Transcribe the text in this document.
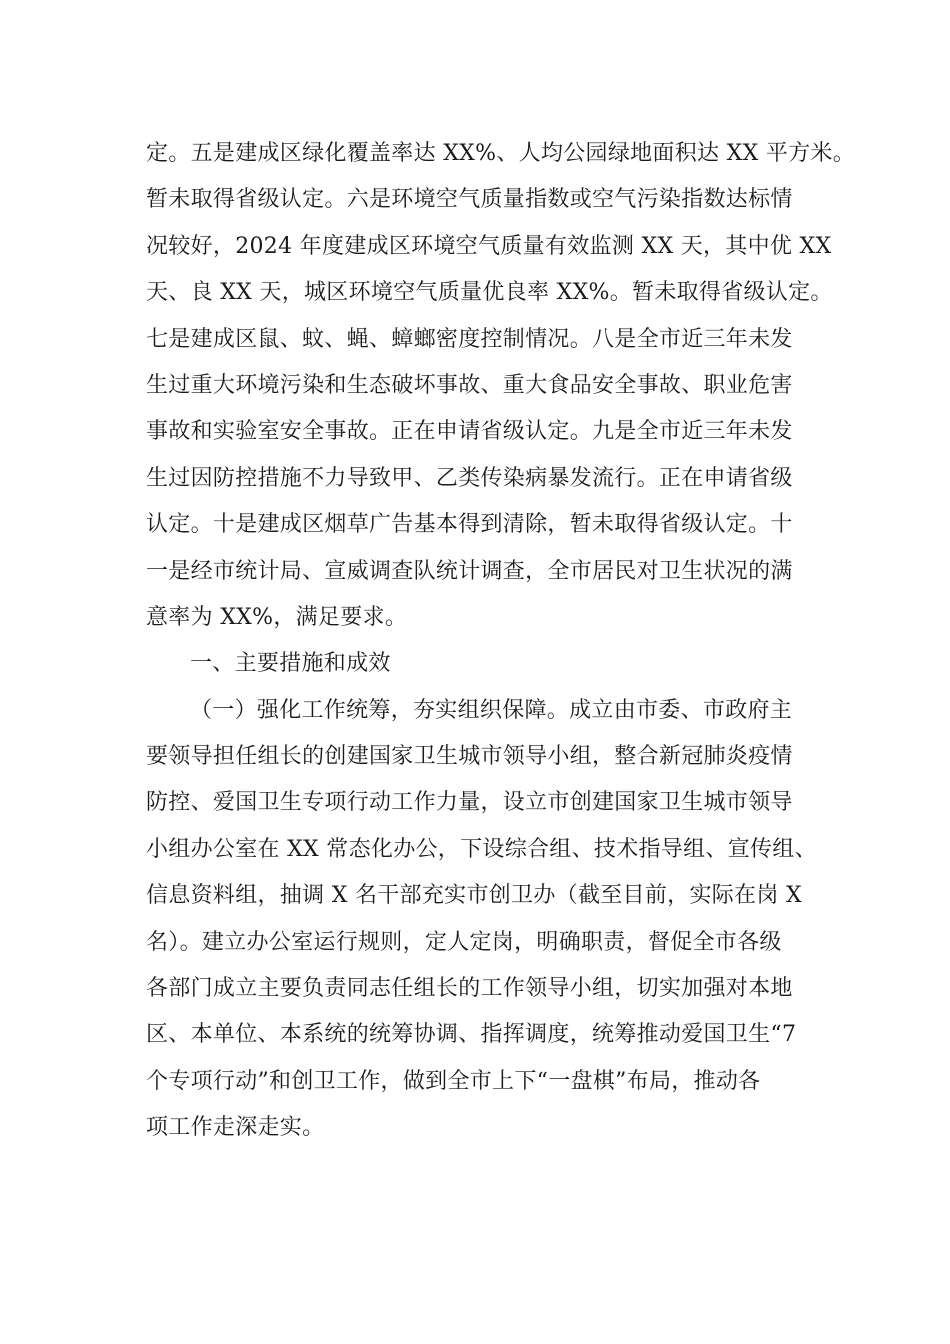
定。五是建成区绿化覆盖率达 XX%、人均公园绿地面积达 XX 平方米。
暂未取得省级认定。六是环境空气质量指数或空气污染指数达标情
况较好，2024 年度建成区环境空气质量有效监测 XX 天，其中优 XX
天、良 XX 天，城区环境空气质量优良率 XX%。暂未取得省级认定。
七是建成区鼠、蚊、蝇、蟑螂密度控制情况。八是全市近三年未发
生过重大环境污染和生态破坏事故、重大食品安全事故、职业危害
事故和实验室安全事故。正在申请省级认定。九是全市近三年未发
生过因防控措施不力导致甲、乙类传染病暴发流行。正在申请省级
认定。十是建成区烟草广告基本得到清除，暂未取得省级认定。十
一是经市统计局、宣威调查队统计调查，全市居民对卫生状况的满
意率为 XX%，满足要求。
一、主要措施和成效
（一）强化工作统筹，夯实组织保障。成立由市委、市政府主
要领导担任组长的创建国家卫生城市领导小组，整合新冠肺炎疫情
防控、爱国卫生专项行动工作力量，设立市创建国家卫生城市领导
小组办公室在 XX 常态化办公，下设综合组、技术指导组、宣传组、
信息资料组，抽调 X 名干部充实市创卫办（截至目前，实际在岗 X
名）。建立办公室运行规则，定人定岗，明确职责，督促全市各级
各部门成立主要负责同志任组长的工作领导小组，切实加强对本地
区、本单位、本系统的统筹协调、指挥调度，统筹推动爱国卫生“7
个专项行动”和创卫工作，做到全市上下“一盘棋”布局，推动各
项工作走深走实。
